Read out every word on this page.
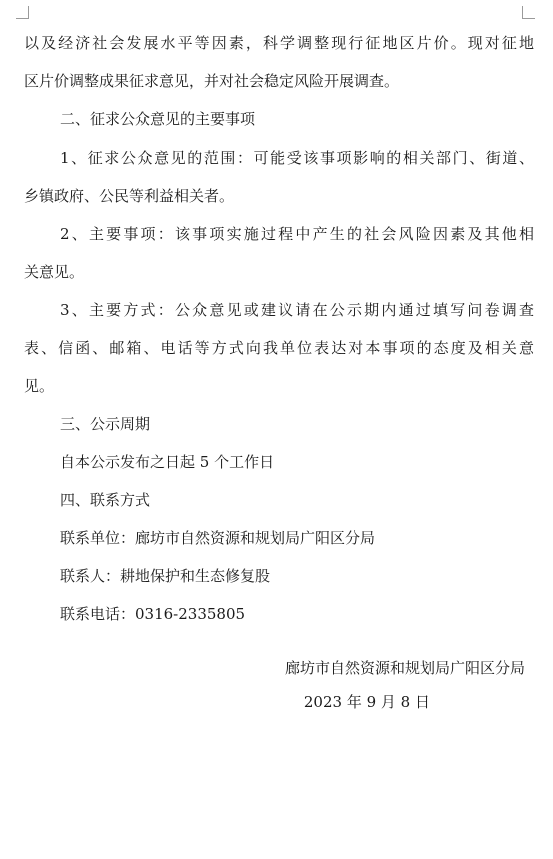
以及经济社会发展水平等因素，科学调整现行征地区片价。现对征地
区片价调整成果征求意见，并对社会稳定风险开展调查。
二、征求公众意见的主要事项
1、征求公众意见的范围：可能受该事项影响的相关部门、街道、
乡镇政府、公民等利益相关者。
2、主要事项：该事项实施过程中产生的社会风险因素及其他相
关意见。
3、主要方式：公众意见或建议请在公示期内通过填写问卷调查
表、信函、邮箱、电话等方式向我单位表达对本事项的态度及相关意
见。
三、公示周期
自本公示发布之日起 5 个工作日
四、联系方式
联系单位：廊坊市自然资源和规划局广阳区分局
联系人：耕地保护和生态修复股
联系电话：0316-2335805
廊坊市自然资源和规划局广阳区分局
2023 年 9 月 8 日
